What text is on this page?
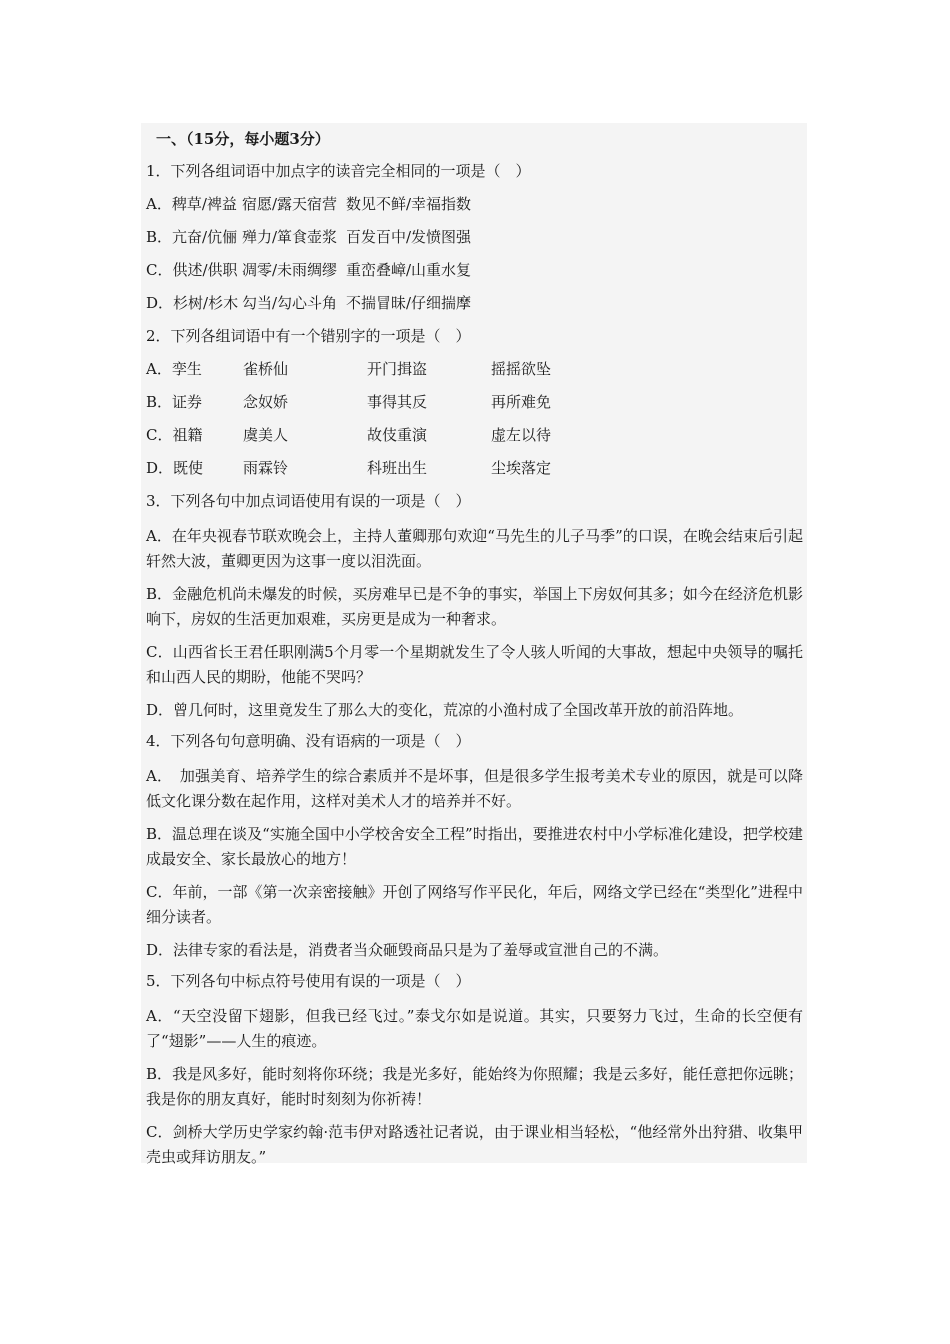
一、（15分，每小题3分）
1．下列各组词语中加点字的读音完全相同的一项是（　）
A．稗草/裨益 宿愿/露天宿营 数见不鲜/幸福指数
B．亢奋/伉俪 殚力/箪食壶浆 百发百中/发愤图强
C．供述/供职 凋零/未雨绸缪 重峦叠嶂/山重水复
D．杉树/杉木 勾当/勾心斗角 不揣冒昧/仔细揣摩
2．下列各组词语中有一个错别字的一项是（　）
A．孪生	雀桥仙	开门揖盗	摇摇欲坠
B．证券	念奴娇	事得其反	再所难免
C．祖籍	虞美人	故伎重演	虚左以待
D．既使	雨霖铃	科班出生	尘埃落定
3．下列各句中加点词语使用有误的一项是（　）
A．在年央视春节联欢晚会上，主持人董卿那句欢迎“马先生的儿子马季”的口误，在晚会结束后引起轩然大波，董卿更因为这事一度以泪洗面。
B．金融危机尚未爆发的时候，买房难早已是不争的事实，举国上下房奴何其多；如今在经济危机影响下，房奴的生活更加艰难，买房更是成为一种奢求。
C．山西省长王君任职刚满5个月零一个星期就发生了令人骇人听闻的大事故，想起中央领导的嘱托和山西人民的期盼，他能不哭吗？
D．曾几何时，这里竟发生了那么大的变化，荒凉的小渔村成了全国改革开放的前沿阵地。
4．下列各句句意明确、没有语病的一项是（　）
A．　加强美育、培养学生的综合素质并不是坏事，但是很多学生报考美术专业的原因，就是可以降低文化课分数在起作用，这样对美术人才的培养并不好。
B．温总理在谈及“实施全国中小学校舍安全工程”时指出，要推进农村中小学标准化建设，把学校建成最安全、家长最放心的地方！
C．年前，一部《第一次亲密接触》开创了网络写作平民化，年后，网络文学已经在“类型化”进程中细分读者。
D．法律专家的看法是，消费者当众砸毁商品只是为了羞辱或宣泄自己的不满。
5．下列各句中标点符号使用有误的一项是（　）
A．“天空没留下翅影，但我已经飞过。”泰戈尔如是说道。其实，只要努力飞过，生命的长空便有了“翅影”——人生的痕迹。
B．我是风多好，能时刻将你环绕；我是光多好，能始终为你照耀；我是云多好，能任意把你远眺；我是你的朋友真好，能时时刻刻为你祈祷！
C．剑桥大学历史学家约翰·范韦伊对路透社记者说，由于课业相当轻松，“他经常外出狩猎、收集甲壳虫或拜访朋友。”
